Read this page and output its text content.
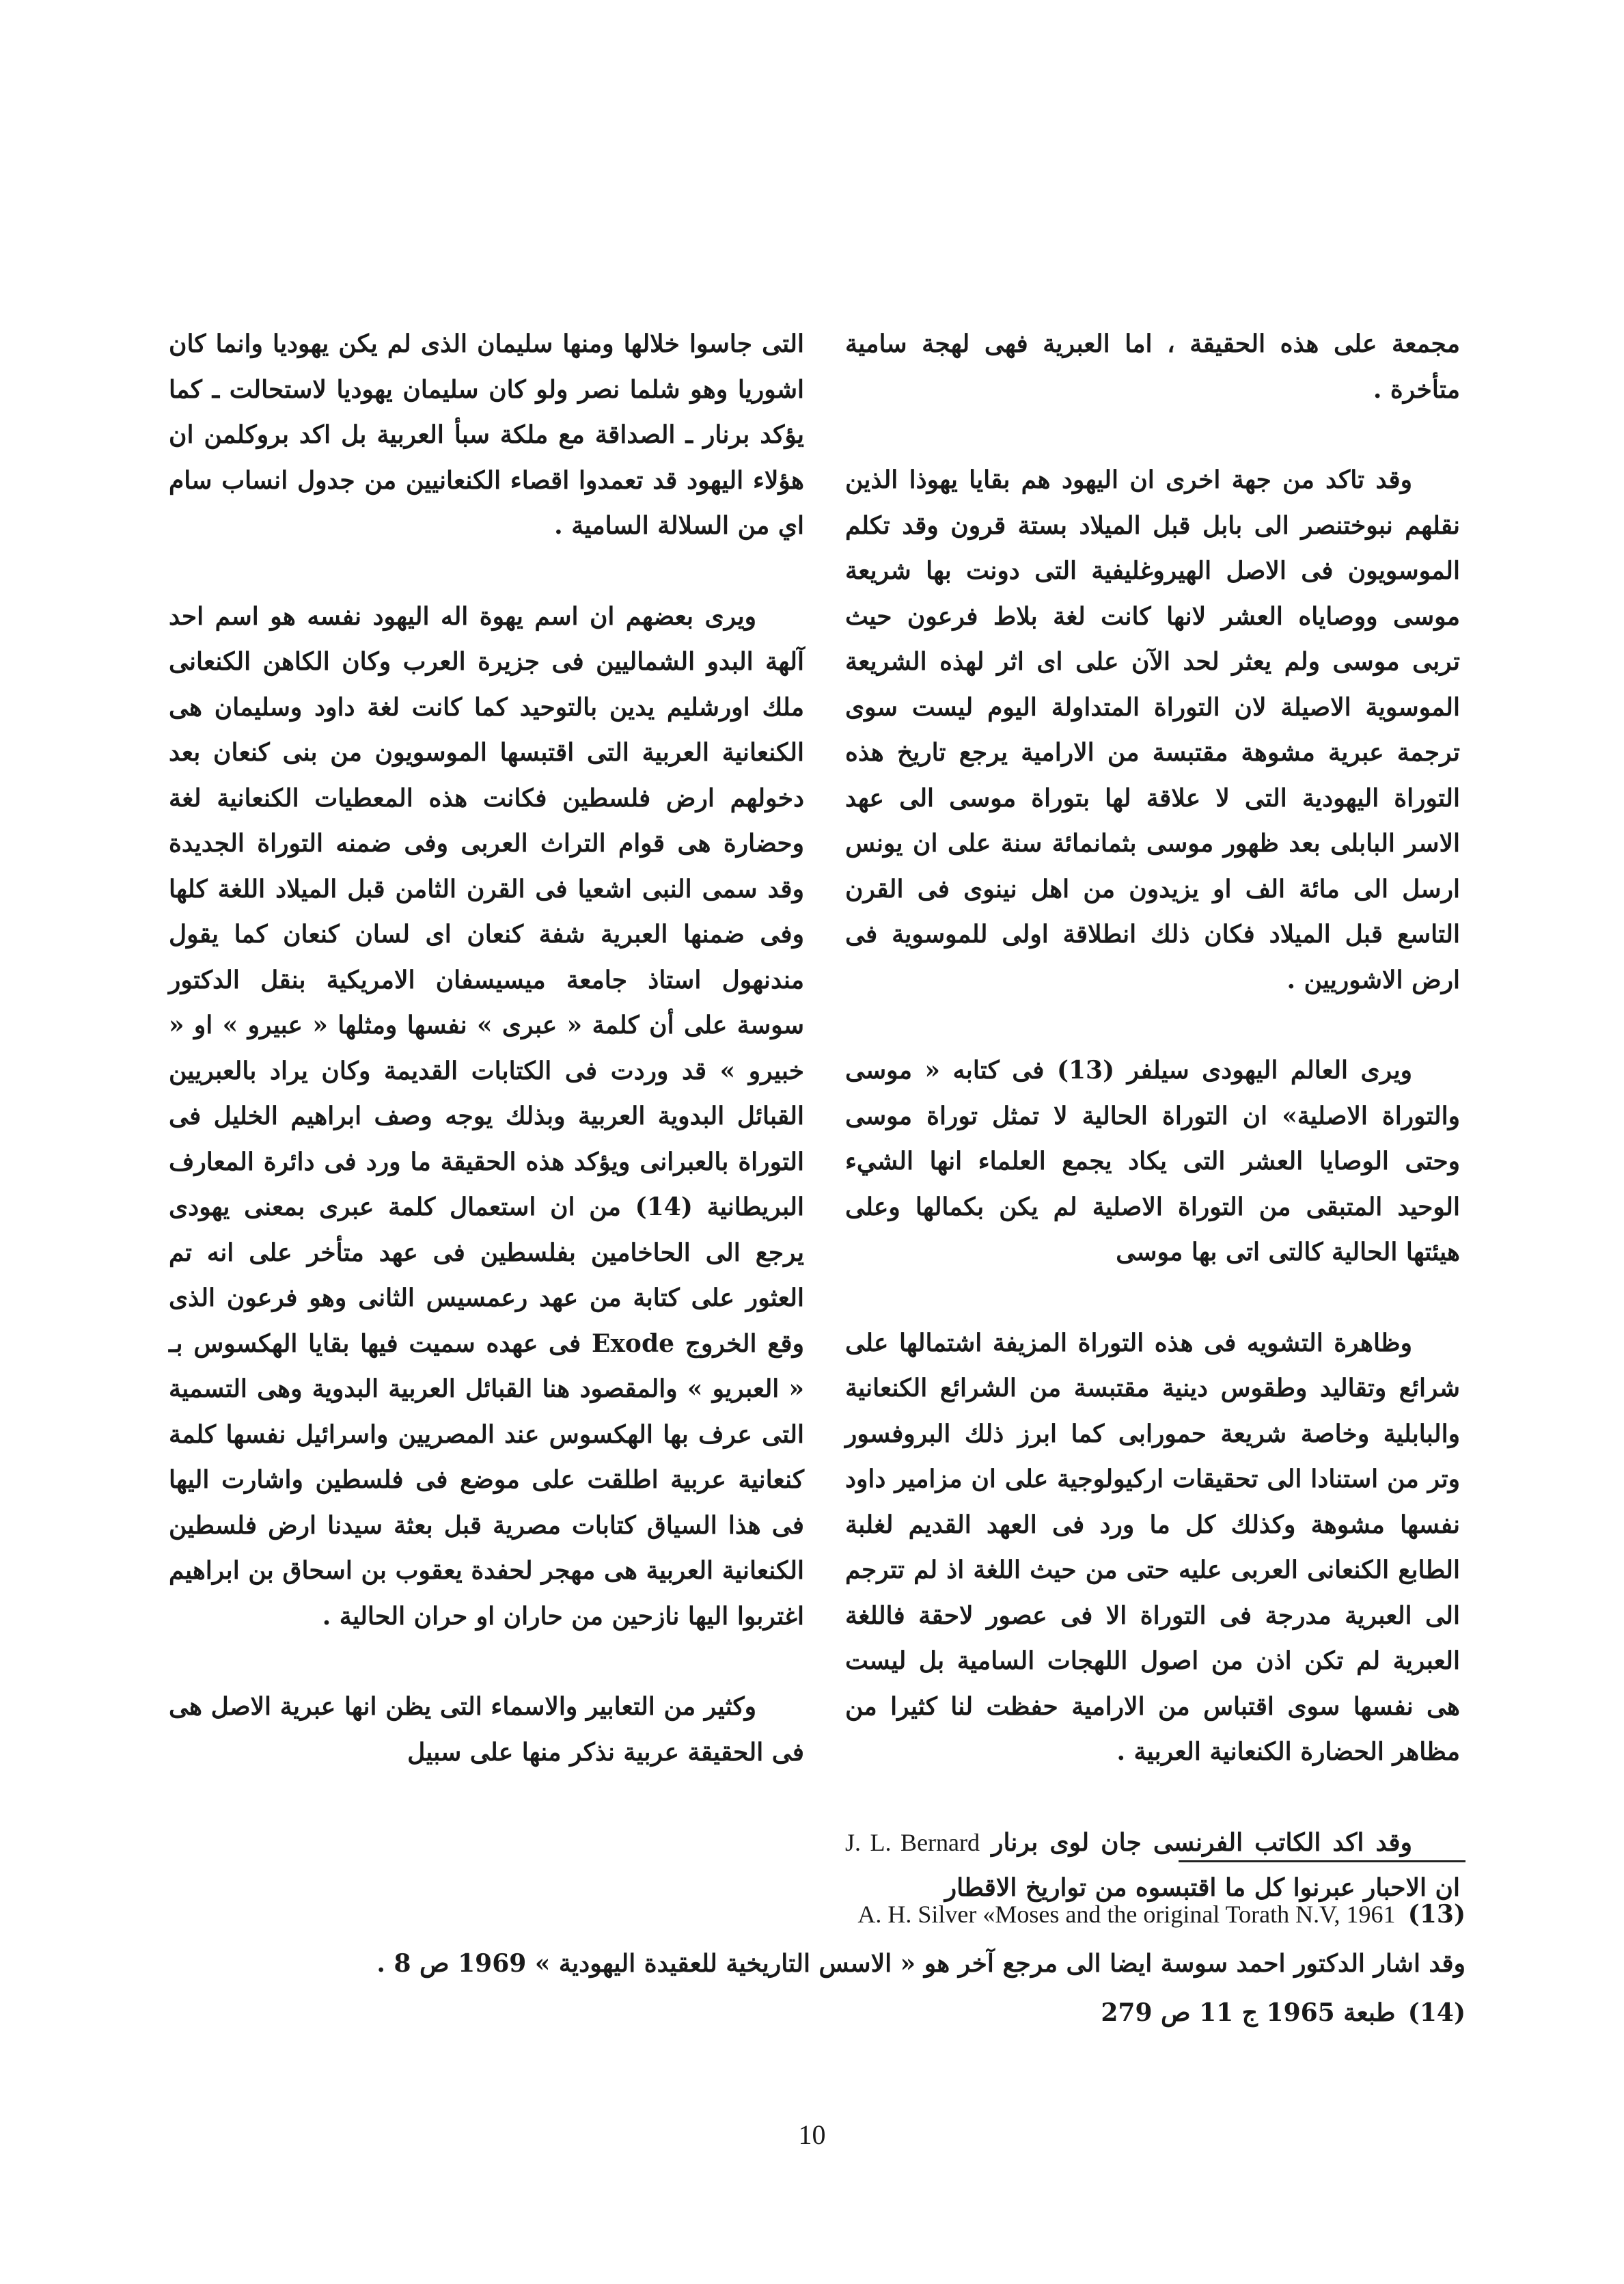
مجمعة على هذه الحقيقة ، اما العبرية فهى لهجة سامية متأخرة .

وقد تاكد من جهة اخرى ان اليهود هم بقايا يهوذا الذين نقلهم نبوختنصر الى بابل قبل الميلاد بستة قرون وقد تكلم الموسويون فى الاصل الهيروغليفية التى دونت بها شريعة موسى ووصاياه العشر لانها كانت لغة بلاط فرعون حيث تربى موسى ولم يعثر لحد الآن على اى اثر لهذه الشريعة الموسوية الاصيلة لان التوراة المتداولة اليوم ليست سوى ترجمة عبرية مشوهة مقتبسة من الارامية يرجع تاريخ هذه التوراة اليهودية التى لا علاقة لها بتوراة موسى الى عهد الاسر البابلى بعد ظهور موسى بثمانمائة سنة على ان يونس ارسل الى مائة الف او يزيدون من اهل نينوى فى القرن التاسع قبل الميلاد فكان ذلك انطلاقة اولى للموسوية فى ارض الاشوريين .

ويرى العالم اليهودى سيلفر (13) فى كتابه « موسى والتوراة الاصلية» ان التوراة الحالية لا تمثل توراة موسى وحتى الوصايا العشر التى يكاد يجمع العلماء انها الشيء الوحيد المتبقى من التوراة الاصلية لم يكن بكمالها وعلى هيئتها الحالية كالتى اتى بها موسى

وظاهرة التشويه فى هذه التوراة المزيفة اشتمالها على شرائع وتقاليد وطقوس دينية مقتبسة من الشرائع الكنعانية والبابلية وخاصة شريعة حمورابى كما ابرز ذلك البروفسور وتر من استنادا الى تحقيقات اركيولوجية على ان مزامير داود نفسها مشوهة وكذلك كل ما ورد فى العهد القديم لغلبة الطابع الكنعانى العربى عليه حتى من حيث اللغة اذ لم تترجم الى العبرية مدرجة فى التوراة الا فى عصور لاحقة فاللغة العبرية لم تكن اذن من اصول اللهجات السامية بل ليست هى نفسها سوى اقتباس من الارامية حفظت لنا كثيرا من مظاهر الحضارة الكنعانية العربية .

وقد اكد الكاتب الفرنسى جان لوى برنار J. L. Bernard ان الاحبار عبرنوا كل ما اقتبسوه من تواريخ الاقطار

التى جاسوا خلالها ومنها سليمان الذى لم يكن يهوديا وانما كان اشوريا وهو شلما نصر ولو كان سليمان يهوديا لاستحالت ـ كما يؤكد برنار ـ الصداقة مع ملكة سبأ العربية بل اكد بروكلمن ان هؤلاء اليهود قد تعمدوا اقصاء الكنعانيين من جدول انساب سام اي من السلالة السامية .

ويرى بعضهم ان اسم يهوة اله اليهود نفسه هو اسم احد آلهة البدو الشماليين فى جزيرة العرب وكان الكاهن الكنعانى ملك اورشليم يدين بالتوحيد كما كانت لغة داود وسليمان هى الكنعانية العربية التى اقتبسها الموسويون من بنى كنعان بعد دخولهم ارض فلسطين فكانت هذه المعطيات الكنعانية لغة وحضارة هى قوام التراث العربى وفى ضمنه التوراة الجديدة وقد سمى النبى اشعيا فى القرن الثامن قبل الميلاد اللغة كلها وفى ضمنها العبرية شفة كنعان اى لسان كنعان كما يقول مندنهول استاذ جامعة ميسيسفان الامريكية بنقل الدكتور سوسة على أن كلمة « عبرى » نفسها ومثلها « عبيرو » او « خبيرو » قد وردت فى الكتابات القديمة وكان يراد بالعبريين القبائل البدوية العربية وبذلك يوجه وصف ابراهيم الخليل فى التوراة بالعبرانى ويؤكد هذه الحقيقة ما ورد فى دائرة المعارف البريطانية (14) من ان استعمال كلمة عبرى بمعنى يهودى يرجع الى الحاخامين بفلسطين فى عهد متأخر على انه تم العثور على كتابة من عهد رعمسيس الثانى وهو فرعون الذى وقع الخروج Exode فى عهده سميت فيها بقايا الهكسوس بـ « العبريو » والمقصود هنا القبائل العربية البدوية وهى التسمية التى عرف بها الهكسوس عند المصريين واسرائيل نفسها كلمة كنعانية عربية اطلقت على موضع فى فلسطين واشارت اليها فى هذا السياق كتابات مصرية قبل بعثة سيدنا ارض فلسطين الكنعانية العربية هى مهجر لحفدة يعقوب بن اسحاق بن ابراهيم اغتربوا اليها نازحين من حاران او حران الحالية .

وكثير من التعابير والاسماء التى يظن انها عبرية الاصل هى فى الحقيقة عربية نذكر منها على سبيل

(13) A. H. Silver «Moses and the original Torath N.V, 1961

وقد اشار الدكتور احمد سوسة ايضا الى مرجع آخر هو « الاسس التاريخية للعقيدة اليهودية » 1969 ص 8 .

(14) طبعة 1965 ج 11 ص 279

10
